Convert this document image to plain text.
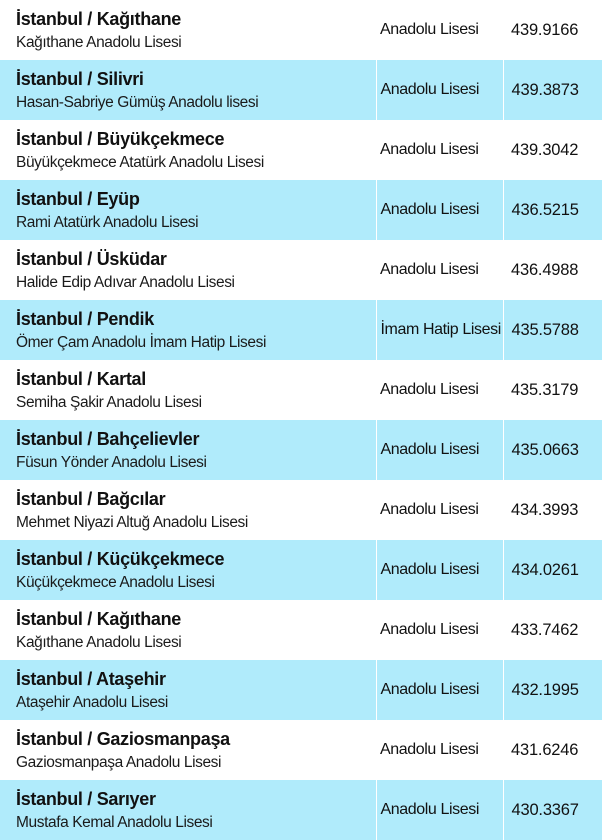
İstanbul / Kağıthane
Kağıthane Anadolu Lisesi	Anadolu Lisesi	439.9166

İstanbul / Silivri
Hasan-Sabriye Gümüş Anadolu lisesi	Anadolu Lisesi	439.3873

İstanbul / Büyükçekmece
Büyükçekmece Atatürk Anadolu Lisesi	Anadolu Lisesi	439.3042

İstanbul / Eyüp
Rami Atatürk Anadolu Lisesi	Anadolu Lisesi	436.5215

İstanbul / Üsküdar
Halide Edip Adıvar Anadolu Lisesi	Anadolu Lisesi	436.4988

İstanbul / Pendik
Ömer Çam Anadolu İmam Hatip Lisesi	İmam Hatip Lisesi	435.5788

İstanbul / Kartal
Semiha Şakir Anadolu Lisesi	Anadolu Lisesi	435.3179

İstanbul / Bahçelievler
Füsun Yönder Anadolu Lisesi	Anadolu Lisesi	435.0663

İstanbul / Bağcılar
Mehmet Niyazi Altuğ Anadolu Lisesi	Anadolu Lisesi	434.3993

İstanbul / Küçükçekmece
Küçükçekmece Anadolu Lisesi	Anadolu Lisesi	434.0261

İstanbul / Kağıthane
Kağıthane Anadolu Lisesi	Anadolu Lisesi	433.7462

İstanbul / Ataşehir
Ataşehir Anadolu Lisesi	Anadolu Lisesi	432.1995

İstanbul / Gaziosmanpaşa
Gaziosmanpaşa Anadolu Lisesi	Anadolu Lisesi	431.6246

İstanbul / Sarıyer
Mustafa Kemal Anadolu Lisesi	Anadolu Lisesi	430.3367
